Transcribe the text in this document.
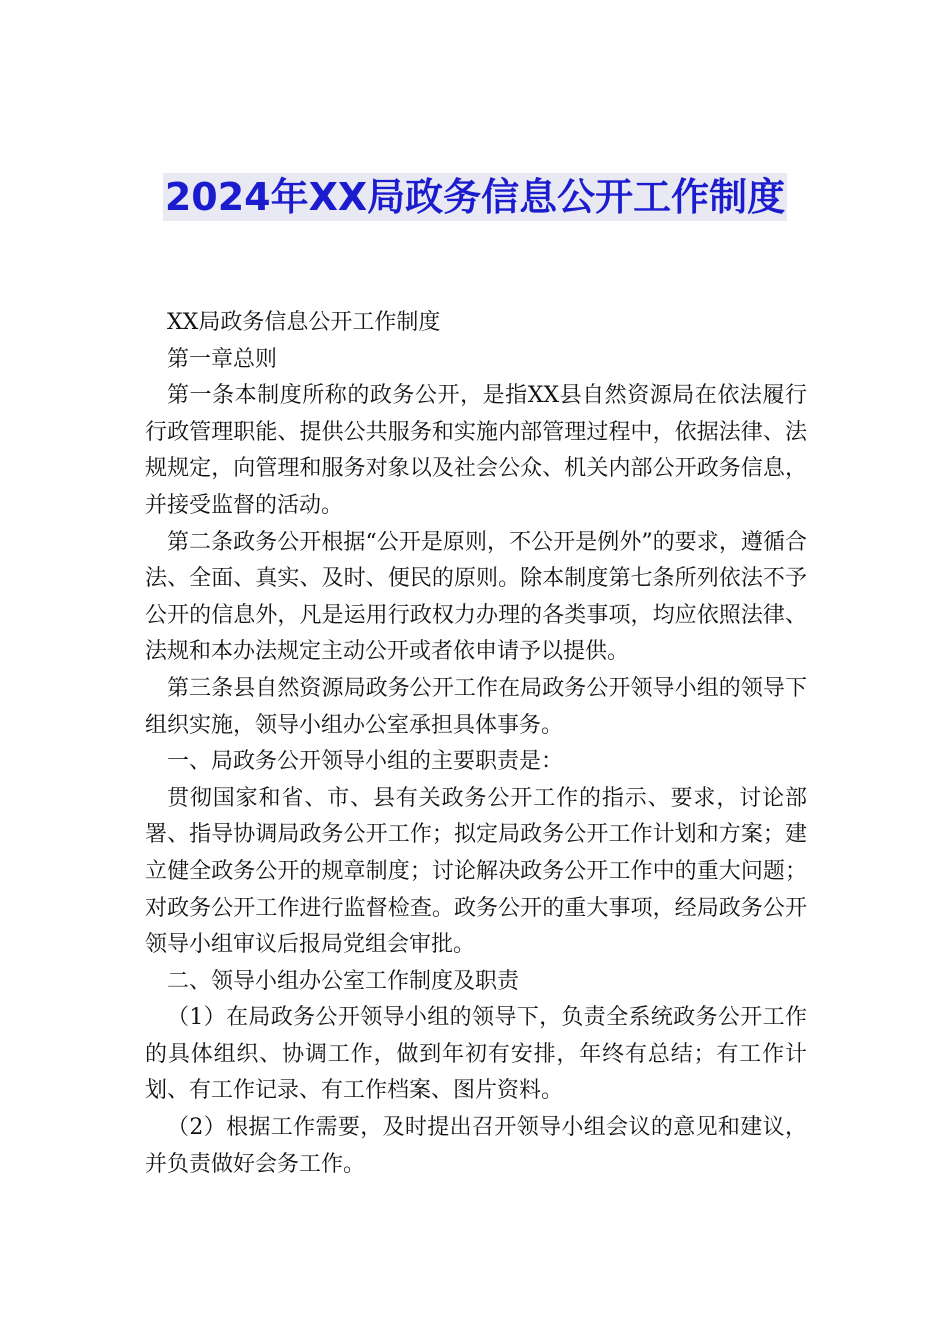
2024年XX局政务信息公开工作制度

XX局政务信息公开工作制度

第一章总则

第一条本制度所称的政务公开，是指XX县自然资源局在依法履行行政管理职能、提供公共服务和实施内部管理过程中，依据法律、法规规定，向管理和服务对象以及社会公众、机关内部公开政务信息，并接受监督的活动。

第二条政务公开根据“公开是原则，不公开是例外”的要求，遵循合法、全面、真实、及时、便民的原则。除本制度第七条所列依法不予公开的信息外，凡是运用行政权力办理的各类事项，均应依照法律、法规和本办法规定主动公开或者依申请予以提供。

第三条县自然资源局政务公开工作在局政务公开领导小组的领导下组织实施，领导小组办公室承担具体事务。

一、局政务公开领导小组的主要职责是：

贯彻国家和省、市、县有关政务公开工作的指示、要求，讨论部署、指导协调局政务公开工作；拟定局政务公开工作计划和方案；建立健全政务公开的规章制度；讨论解决政务公开工作中的重大问题；对政务公开工作进行监督检查。政务公开的重大事项，经局政务公开领导小组审议后报局党组会审批。

二、领导小组办公室工作制度及职责

（1）在局政务公开领导小组的领导下，负责全系统政务公开工作的具体组织、协调工作，做到年初有安排，年终有总结；有工作计划、有工作记录、有工作档案、图片资料。

（2）根据工作需要，及时提出召开领导小组会议的意见和建议，并负责做好会务工作。
